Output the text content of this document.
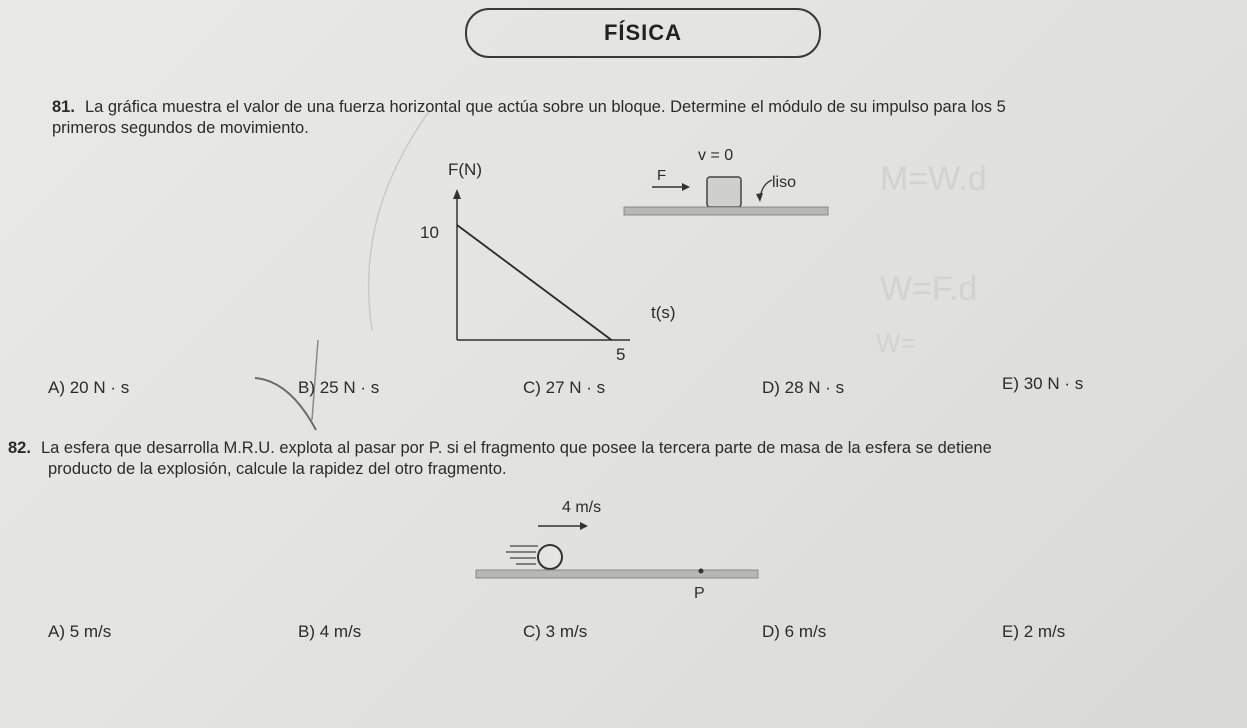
M=W.d
W=F.d
W=
FÍSICA
81. La gráfica muestra el valor de una fuerza horizontal que actúa sobre un bloque. Determine el módulo de su impulso para los 5
primeros segundos de movimiento.
F(N)
10
t(s)
5
v = 0
F	liso
A) 20 N · s	B) 25 N · s	C) 27 N · s	D) 28 N · s	E) 30 N · s
82. La esfera que desarrolla M.R.U. explota al pasar por P. si el fragmento que posee la tercera parte de masa de la esfera se detiene
producto de la explosión, calcule la rapidez del otro fragmento.
4 m/s
P
A) 5 m/s	B) 4 m/s	C) 3 m/s	D) 6 m/s	E) 2 m/s
